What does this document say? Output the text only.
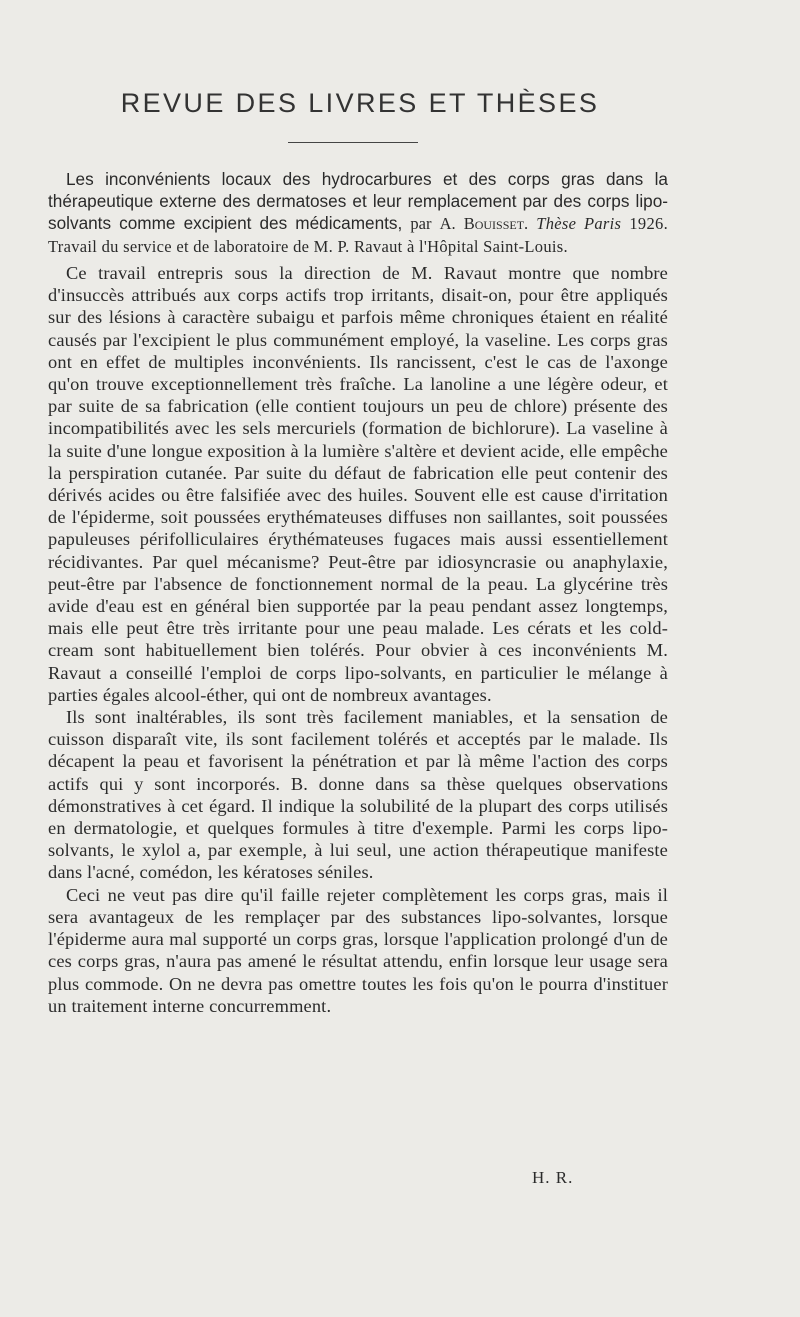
REVUE DES LIVRES ET THÈSES

Les inconvénients locaux des hydrocarbures et des corps gras dans la thérapeutique externe des dermatoses et leur remplacement par des corps lipo-solvants comme excipient des médicaments, par A. Bouisset. Thèse Paris 1926. Travail du service et de laboratoire de M. P. Ravaut à l'Hôpital Saint-Louis.

Ce travail entrepris sous la direction de M. Ravaut montre que nombre d'insuccès attribués aux corps actifs trop irritants, disait-on, pour être appliqués sur des lésions à caractère subaigu et parfois même chroniques étaient en réalité causés par l'excipient le plus communément employé, la vaseline. Les corps gras ont en effet de multiples inconvénients. Ils rancissent, c'est le cas de l'axonge qu'on trouve exceptionnellement très fraîche. La lanoline a une légère odeur, et par suite de sa fabrication (elle contient toujours un peu de chlore) présente des incompatibilités avec les sels mercuriels (formation de bichlorure). La vaseline à la suite d'une longue exposition à la lumière s'altère et devient acide, elle empêche la perspiration cutanée. Par suite du défaut de fabrication elle peut contenir des dérivés acides ou être falsifiée avec des huiles. Souvent elle est cause d'irritation de l'épiderme, soit poussées erythémateuses diffuses non saillantes, soit poussées papuleuses périfolliculaires érythémateuses fugaces mais aussi essentiellement récidivantes. Par quel mécanisme? Peut-être par idiosyncrasie ou anaphylaxie, peut-être par l'absence de fonctionnement normal de la peau. La glycérine très avide d'eau est en général bien supportée par la peau pendant assez longtemps, mais elle peut être très irritante pour une peau malade. Les cérats et les cold-cream sont habituellement bien tolérés. Pour obvier à ces inconvénients M. Ravaut a conseillé l'emploi de corps lipo-solvants, en particulier le mélange à parties égales alcool-éther, qui ont de nombreux avantages.

Ils sont inaltérables, ils sont très facilement maniables, et la sensation de cuisson disparaît vite, ils sont facilement tolérés et acceptés par le malade. Ils décapent la peau et favorisent la pénétration et par là même l'action des corps actifs qui y sont incorporés. B. donne dans sa thèse quelques observations démonstratives à cet égard. Il indique la solubilité de la plupart des corps utilisés en dermatologie, et quelques formules à titre d'exemple. Parmi les corps lipo-solvants, le xylol a, par exemple, à lui seul, une action thérapeutique manifeste dans l'acné, comédon, les kératoses séniles.

Ceci ne veut pas dire qu'il faille rejeter complètement les corps gras, mais il sera avantageux de les remplaçer par des substances lipo-solvantes, lorsque l'épiderme aura mal supporté un corps gras, lorsque l'application prolongé d'un de ces corps gras, n'aura pas amené le résultat attendu, enfin lorsque leur usage sera plus commode. On ne devra pas omettre toutes les fois qu'on le pourra d'instituer un traitement interne concurremment.

H. R.
